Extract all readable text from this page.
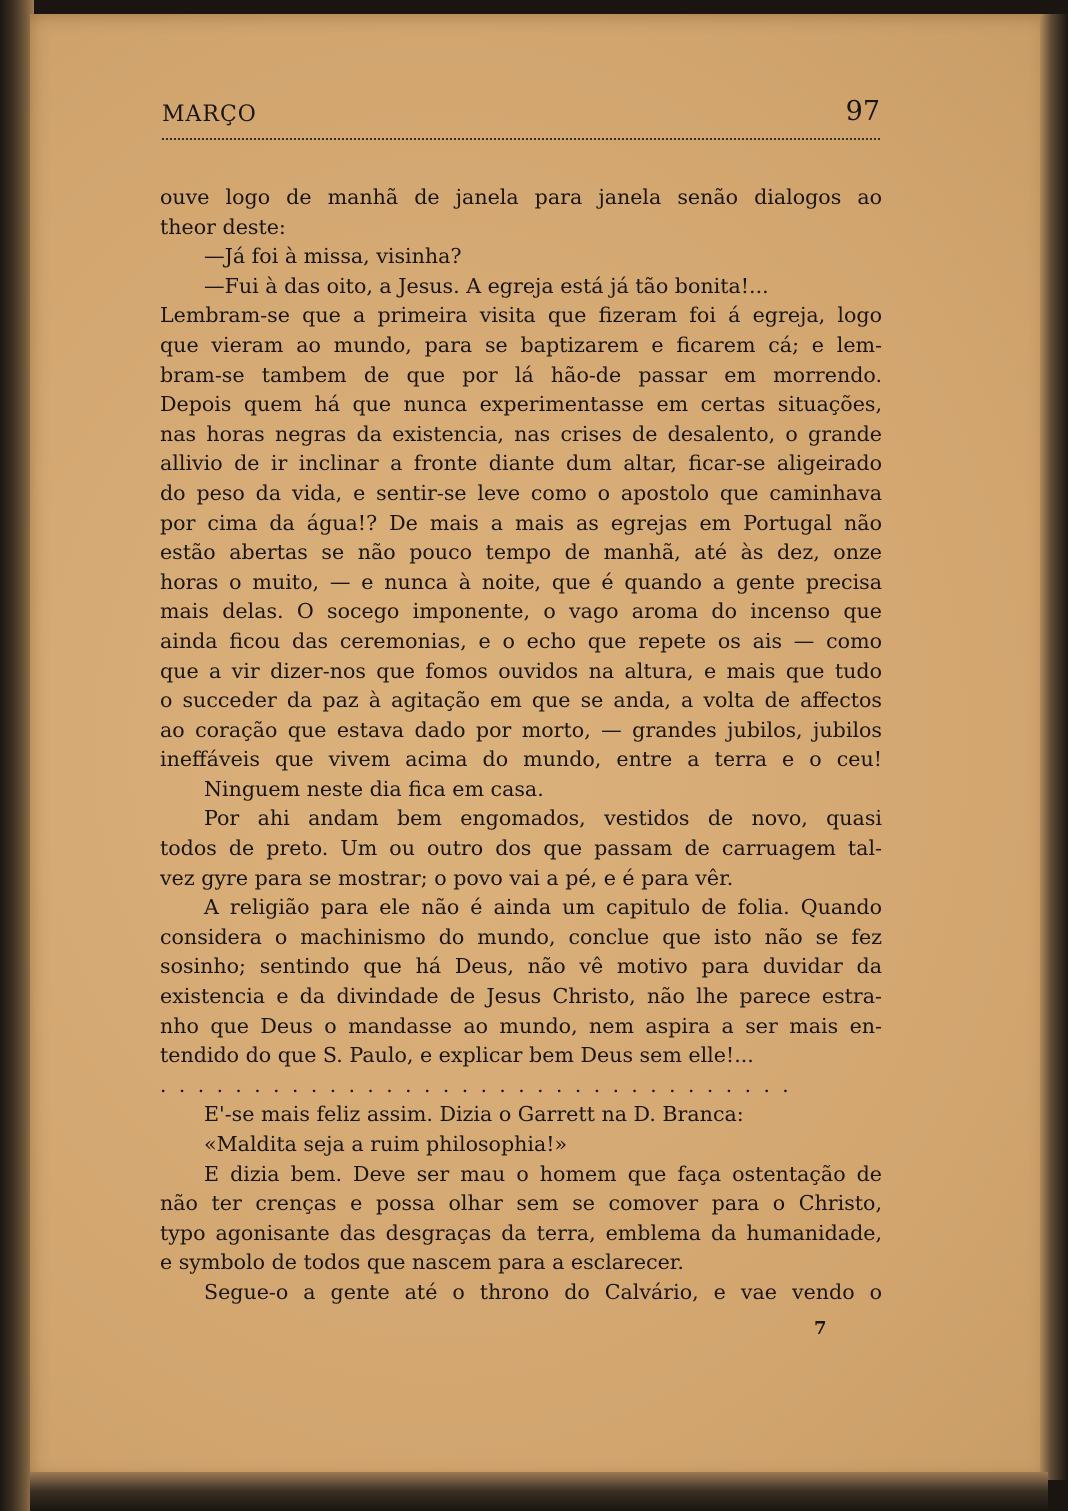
MARÇO	97
ouve logo de manhã de janela para janela senão dialogos ao
theor deste:
—Já foi à missa, visinha?
—Fui à das oito, a Jesus. A egreja está já tão bonita!...
Lembram-se que a primeira visita que fizeram foi á egreja, logo
que vieram ao mundo, para se baptizarem e ficarem cá; e lem-
bram-se tambem de que por lá hão-de passar em morrendo.
Depois quem há que nunca experimentasse em certas situações,
nas horas negras da existencia, nas crises de desalento, o grande
allivio de ir inclinar a fronte diante dum altar, ficar-se aligeirado
do peso da vida, e sentir-se leve como o apostolo que caminhava
por cima da água!? De mais a mais as egrejas em Portugal não
estão abertas se não pouco tempo de manhã, até às dez, onze
horas o muito, — e nunca à noite, que é quando a gente precisa
mais delas. O socego imponente, o vago aroma do incenso que
ainda ficou das ceremonias, e o echo que repete os ais — como
que a vir dizer-nos que fomos ouvidos na altura, e mais que tudo
o succeder da paz à agitação em que se anda, a volta de affectos
ao coração que estava dado por morto, — grandes jubilos, jubilos
ineffáveis que vivem acima do mundo, entre a terra e o ceu!
Ninguem neste dia fica em casa.
Por ahi andam bem engomados, vestidos de novo, quasi
todos de preto. Um ou outro dos que passam de carruagem tal-
vez gyre para se mostrar; o povo vai a pé, e é para vêr.
A religião para ele não é ainda um capitulo de folia. Quando
considera o machinismo do mundo, conclue que isto não se fez
sosinho; sentindo que há Deus, não vê motivo para duvidar da
existencia e da divindade de Jesus Christo, não lhe parece estra-
nho que Deus o mandasse ao mundo, nem aspira a ser mais en-
tendido do que S. Paulo, e explicar bem Deus sem elle!...
..................................
E'-se mais feliz assim. Dizia o Garrett na D. Branca:
«Maldita seja a ruim philosophia!»
E dizia bem. Deve ser mau o homem que faça ostentação de
não ter crenças e possa olhar sem se comover para o Christo,
typo agonisante das desgraças da terra, emblema da humanidade,
e symbolo de todos que nascem para a esclarecer.
Segue-o a gente até o throno do Calvário, e vae vendo o
7
